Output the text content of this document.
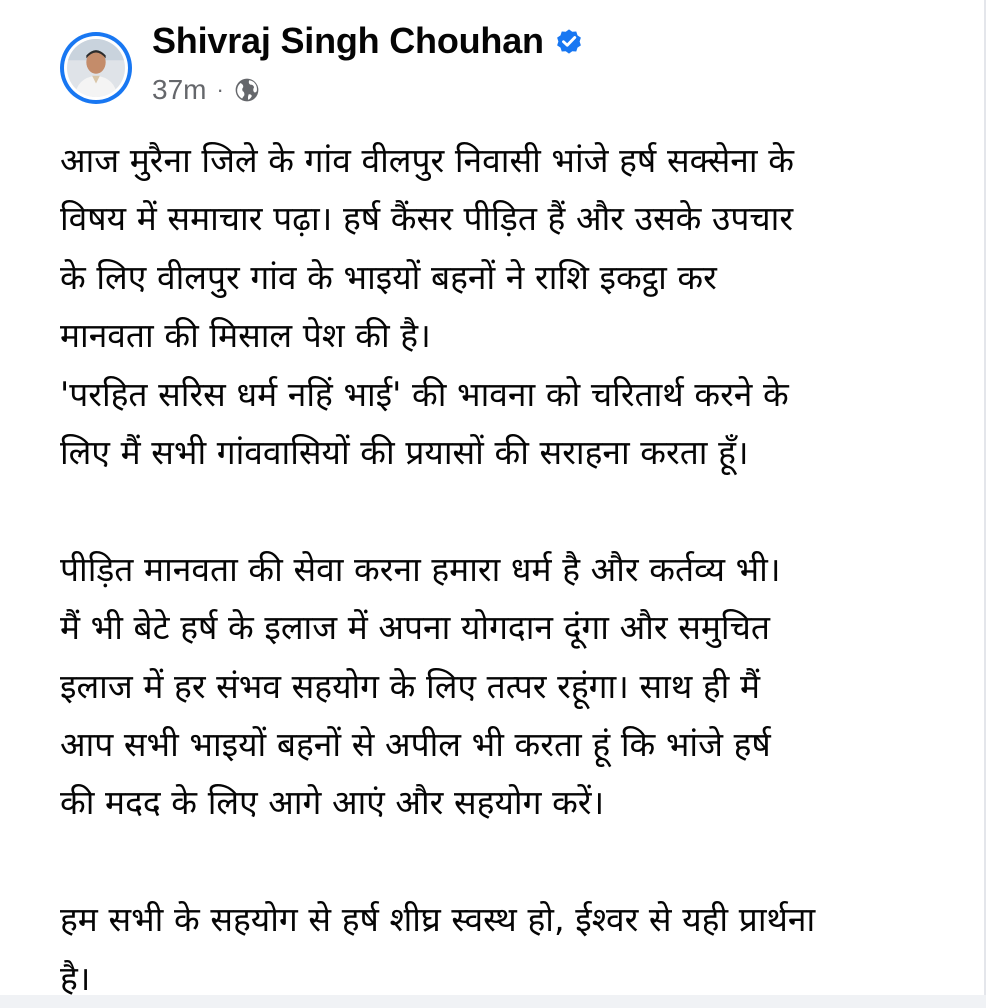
Shivraj Singh Chouhan
37m ·
आज मुरैना जिले के गांव वीलपुर निवासी भांजे हर्ष सक्सेना के
विषय में समाचार पढ़ा। हर्ष कैंसर पीड़ित हैं और उसके उपचार
के लिए वीलपुर गांव के भाइयों बहनों ने राशि इकट्ठा कर
मानवता की मिसाल पेश की है।
'परहित सरिस धर्म नहिं भाई' की भावना को चरितार्थ करने के
लिए मैं सभी गांववासियों की प्रयासों की सराहना करता हूँ।
पीड़ित मानवता की सेवा करना हमारा धर्म है और कर्तव्य भी।
मैं भी बेटे हर्ष के इलाज में अपना योगदान दूंगा और समुचित
इलाज में हर संभव सहयोग के लिए तत्पर रहूंगा। साथ ही मैं
आप सभी भाइयों बहनों से अपील भी करता हूं कि भांजे हर्ष
की मदद के लिए आगे आएं और सहयोग करें।
हम सभी के सहयोग से हर्ष शीघ्र स्वस्थ हो, ईश्वर से यही प्रार्थना
है।
